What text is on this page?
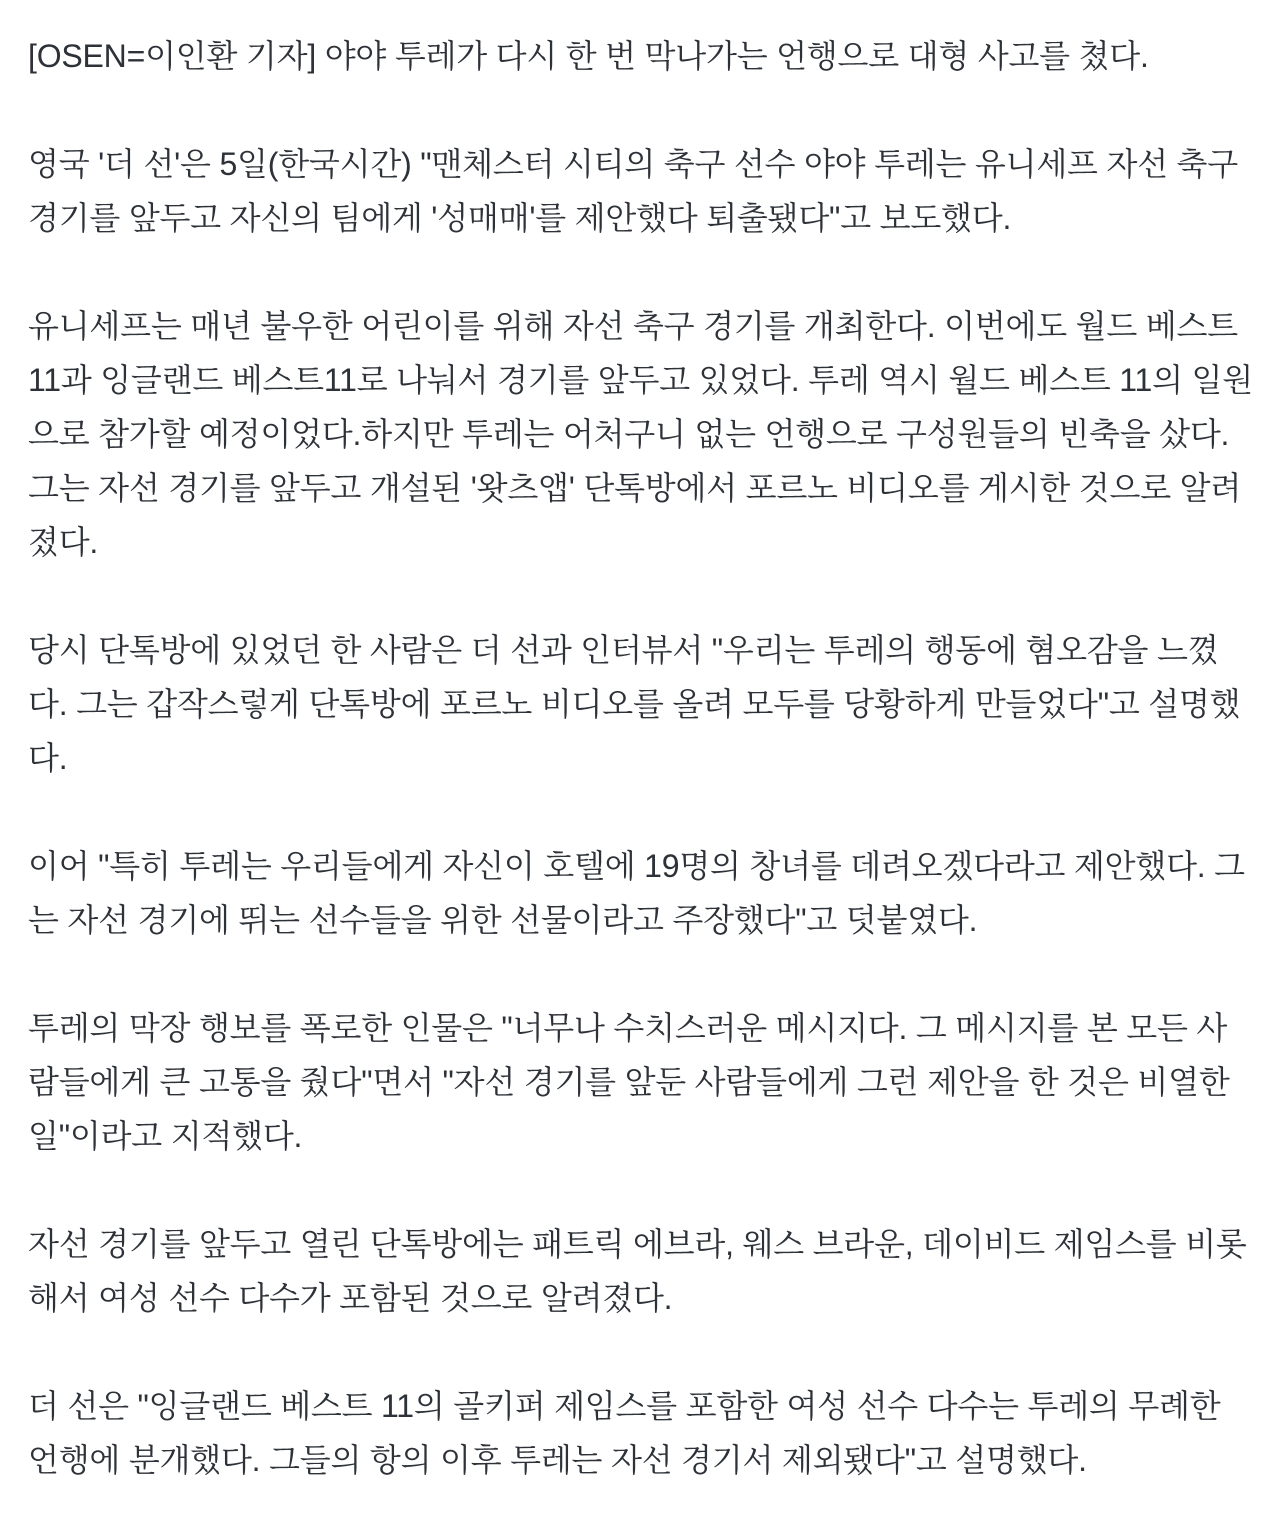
[OSEN=이인환 기자] 야야 투레가 다시 한 번 막나가는 언행으로 대형 사고를 쳤다.

영국 '더 선'은 5일(한국시간) "맨체스터 시티의 축구 선수 야야 투레는 유니세프 자선 축구 경기를 앞두고 자신의 팀에게 '성매매'를 제안했다 퇴출됐다"고 보도했다.

유니세프는 매년 불우한 어린이를 위해 자선 축구 경기를 개최한다. 이번에도 월드 베스트 11과 잉글랜드 베스트11로 나눠서 경기를 앞두고 있었다. 투레 역시 월드 베스트 11의 일원으로 참가할 예정이었다.하지만 투레는 어처구니 없는 언행으로 구성원들의 빈축을 샀다. 그는 자선 경기를 앞두고 개설된 '왓츠앱' 단톡방에서 포르노 비디오를 게시한 것으로 알려졌다.

당시 단톡방에 있었던 한 사람은 더 선과 인터뷰서 "우리는 투레의 행동에 혐오감을 느꼈다. 그는 갑작스렇게 단톡방에 포르노 비디오를 올려 모두를 당황하게 만들었다"고 설명했다.

이어 "특히 투레는 우리들에게 자신이 호텔에 19명의 창녀를 데려오겠다라고 제안했다. 그는 자선 경기에 뛰는 선수들을 위한 선물이라고 주장했다"고 덧붙였다.

투레의 막장 행보를 폭로한 인물은 "너무나 수치스러운 메시지다. 그 메시지를 본 모든 사람들에게 큰 고통을 줬다"면서 "자선 경기를 앞둔 사람들에게 그런 제안을 한 것은 비열한 일"이라고 지적했다.

자선 경기를 앞두고 열린 단톡방에는 패트릭 에브라, 웨스 브라운, 데이비드 제임스를 비롯해서 여성 선수 다수가 포함된 것으로 알려졌다.

더 선은 "잉글랜드 베스트 11의 골키퍼 제임스를 포함한 여성 선수 다수는 투레의 무례한 언행에 분개했다. 그들의 항의 이후 투레는 자선 경기서 제외됐다"고 설명했다.
